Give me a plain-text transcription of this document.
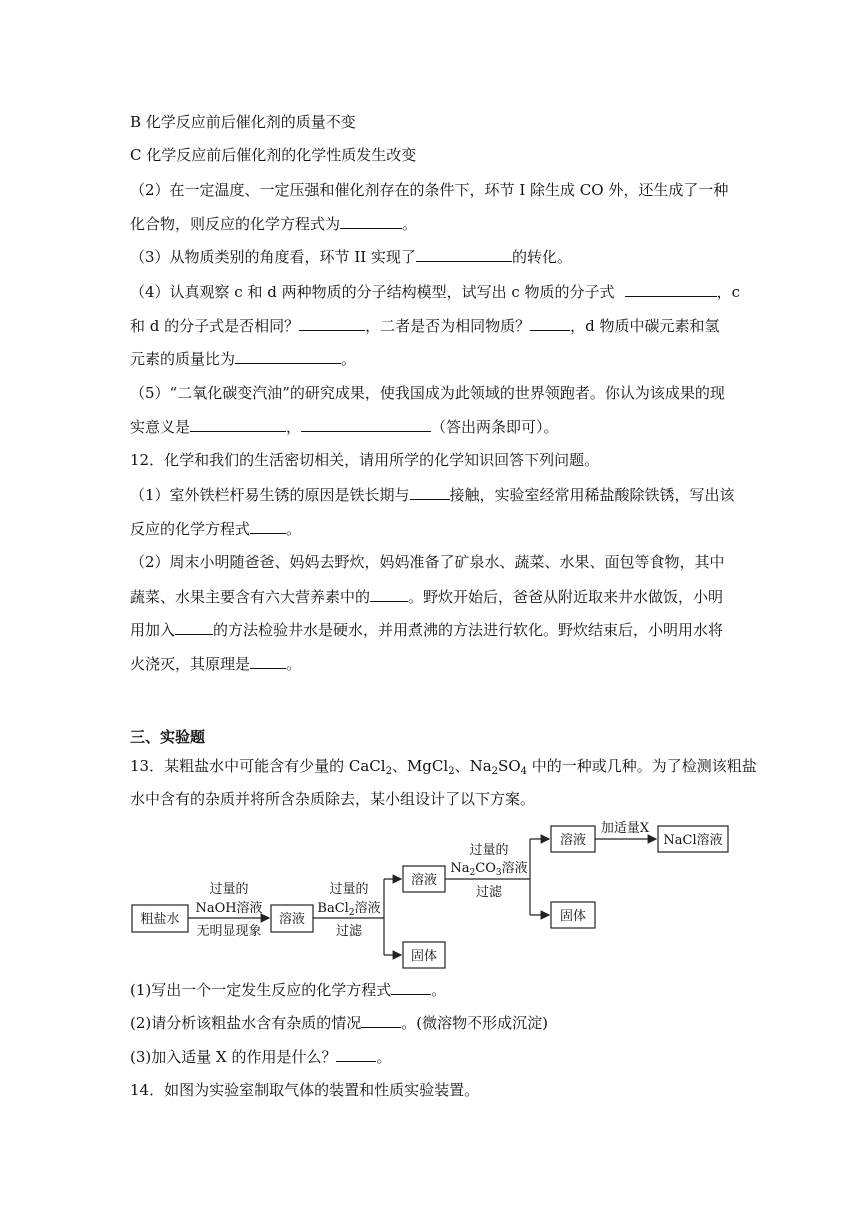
B 化学反应前后催化剂的质量不变
C 化学反应前后催化剂的化学性质发生改变
（2）在一定温度、一定压强和催化剂存在的条件下，环节 I 除生成 CO 外，还生成了一种
化合物，则反应的化学方程式为	。
（3）从物质类别的角度看，环节 II 实现了	的转化。
（4）认真观察 c 和 d 两种物质的分子结构模型，试写出 c 物质的分子式	，c
和 d 的分子式是否相同？	，二者是否为相同物质？	，d 物质中碳元素和氢
元素的质量比为	。
（5）“二氧化碳变汽油”的研究成果，使我国成为此领域的世界领跑者。你认为该成果的现
实意义是	，	（答出两条即可）。
12．化学和我们的生活密切相关，请用所学的化学知识回答下列问题。
（1）室外铁栏杆易生锈的原因是铁长期与	接触，实验室经常用稀盐酸除铁锈，写出该
反应的化学方程式 。
（2）周末小明随爸爸、妈妈去野炊，妈妈准备了矿泉水、蔬菜、水果、面包等食物，其中
蔬菜、水果主要含有六大营养素中的	。野炊开始后，爸爸从附近取来井水做饭，小明
用加入	的方法检验井水是硬水，并用煮沸的方法进行软化。野炊结束后，小明用水将
火浇灭，其原理是 。
三、实验题
13．某粗盐水中可能含有少量的 CaCl$_2$、MgCl$_2$、$Na_2SO_4$ 中的一种或几种。为了检测该粗盐
水中含有的杂质并将所含杂质除去，某小组设计了以下方案。
粗盐水
过量的
NaOH溶液
无明显现象
溶液
过量的
BaCl$_2$溶液
过滤
溶液
固体
过量的
$Na_2CO_3$溶液
过滤
溶液
固体
加适量X
NaCl溶液
(1)写出一个一定发生反应的化学方程式	。
(2)请分析该粗盐水含有杂质的情况	。(微溶物不形成沉淀)
(3)加入适量 X 的作用是什么？	。
14．如图为实验室制取气体的装置和性质实验装置。
